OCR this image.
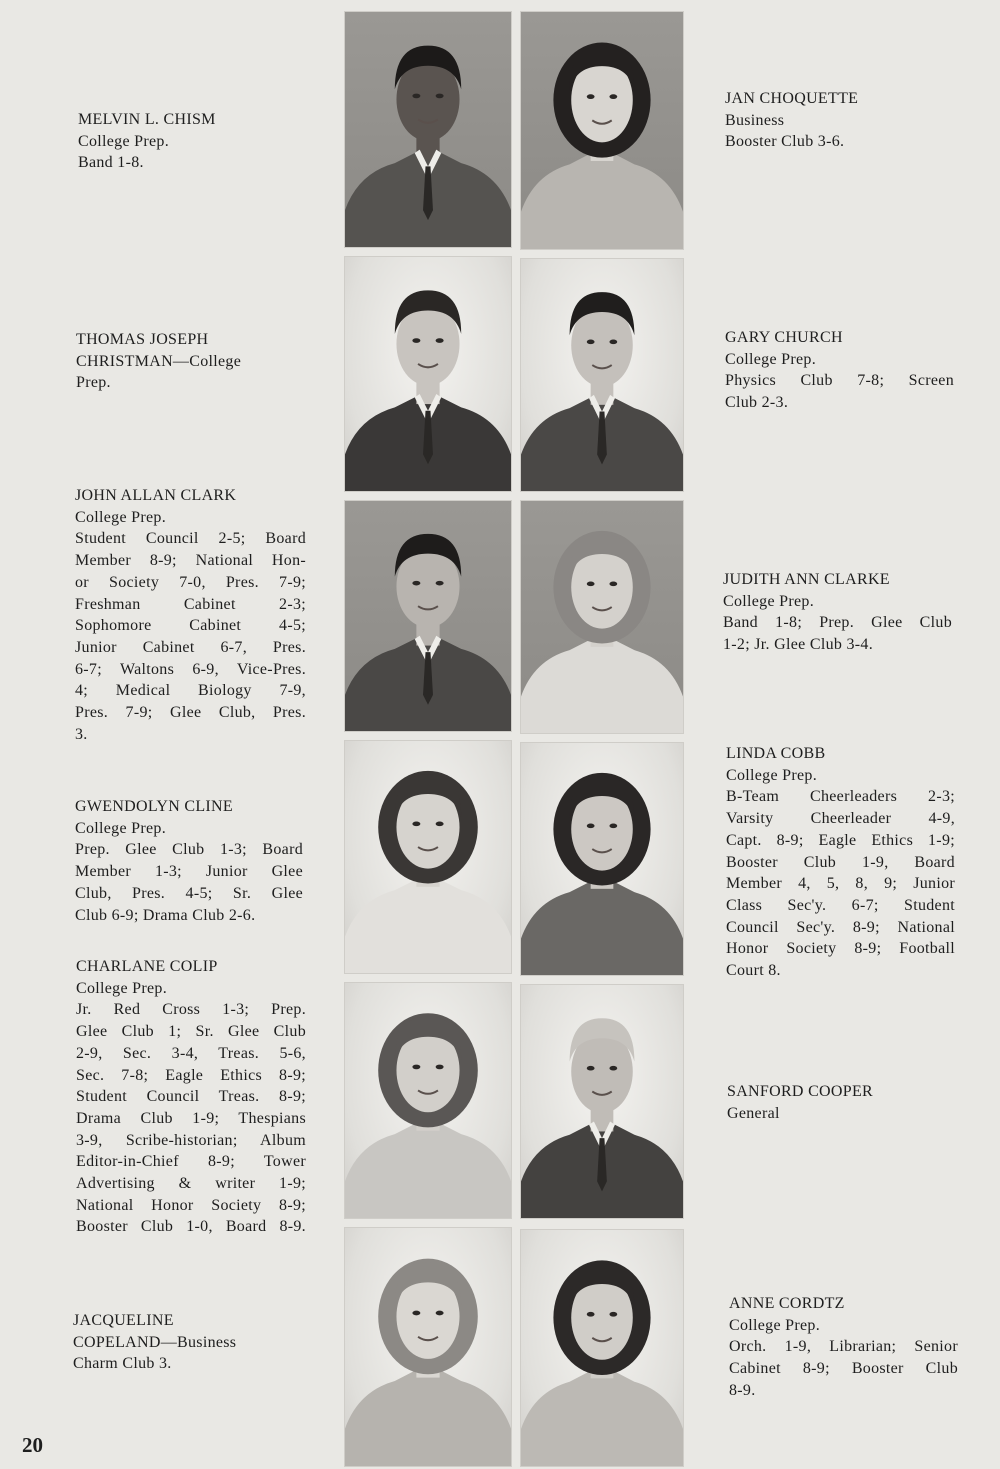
MELVIN L. CHISM
College Prep.
Band 1-8.
THOMAS JOSEPH
CHRISTMAN—College
Prep.
JOHN ALLAN CLARK
College Prep.
Student Council 2-5; Board
Member 8-9; National Hon-
or Society 7-0, Pres. 7-9;
Freshman Cabinet 2-3;
Sophomore Cabinet 4-5;
Junior Cabinet 6-7, Pres.
6-7; Waltons 6-9, Vice-Pres.
4; Medical Biology 7-9,
Pres. 7-9; Glee Club, Pres.
3.
GWENDOLYN CLINE
College Prep.
Prep. Glee Club 1-3; Board
Member 1-3; Junior Glee
Club, Pres. 4-5; Sr. Glee
Club 6-9; Drama Club 2-6.
CHARLANE COLIP
College Prep.
Jr. Red Cross 1-3; Prep.
Glee Club 1; Sr. Glee Club
2-9, Sec. 3-4, Treas. 5-6,
Sec. 7-8; Eagle Ethics 8-9;
Student Council Treas. 8-9;
Drama Club 1-9; Thespians
3-9, Scribe-historian; Album
Editor-in-Chief 8-9; Tower
Advertising & writer 1-9;
National Honor Society 8-9;
Booster Club 1-0, Board 8-9.
JACQUELINE
COPELAND—Business
Charm Club 3.
JAN CHOQUETTE
Business
Booster Club 3-6.
GARY CHURCH
College Prep.
Physics Club 7-8; Screen
Club 2-3.
JUDITH ANN CLARKE
College Prep.
Band 1-8; Prep. Glee Club
1-2; Jr. Glee Club 3-4.
LINDA COBB
College Prep.
B-Team Cheerleaders 2-3;
Varsity Cheerleader 4-9,
Capt. 8-9; Eagle Ethics 1-9;
Booster Club 1-9, Board
Member 4, 5, 8, 9; Junior
Class Sec'y. 6-7; Student
Council Sec'y. 8-9; National
Honor Society 8-9; Football
Court 8.
SANFORD COOPER
General
ANNE CORDTZ
College Prep.
Orch. 1-9, Librarian; Senior
Cabinet 8-9; Booster Club
8-9.
20
